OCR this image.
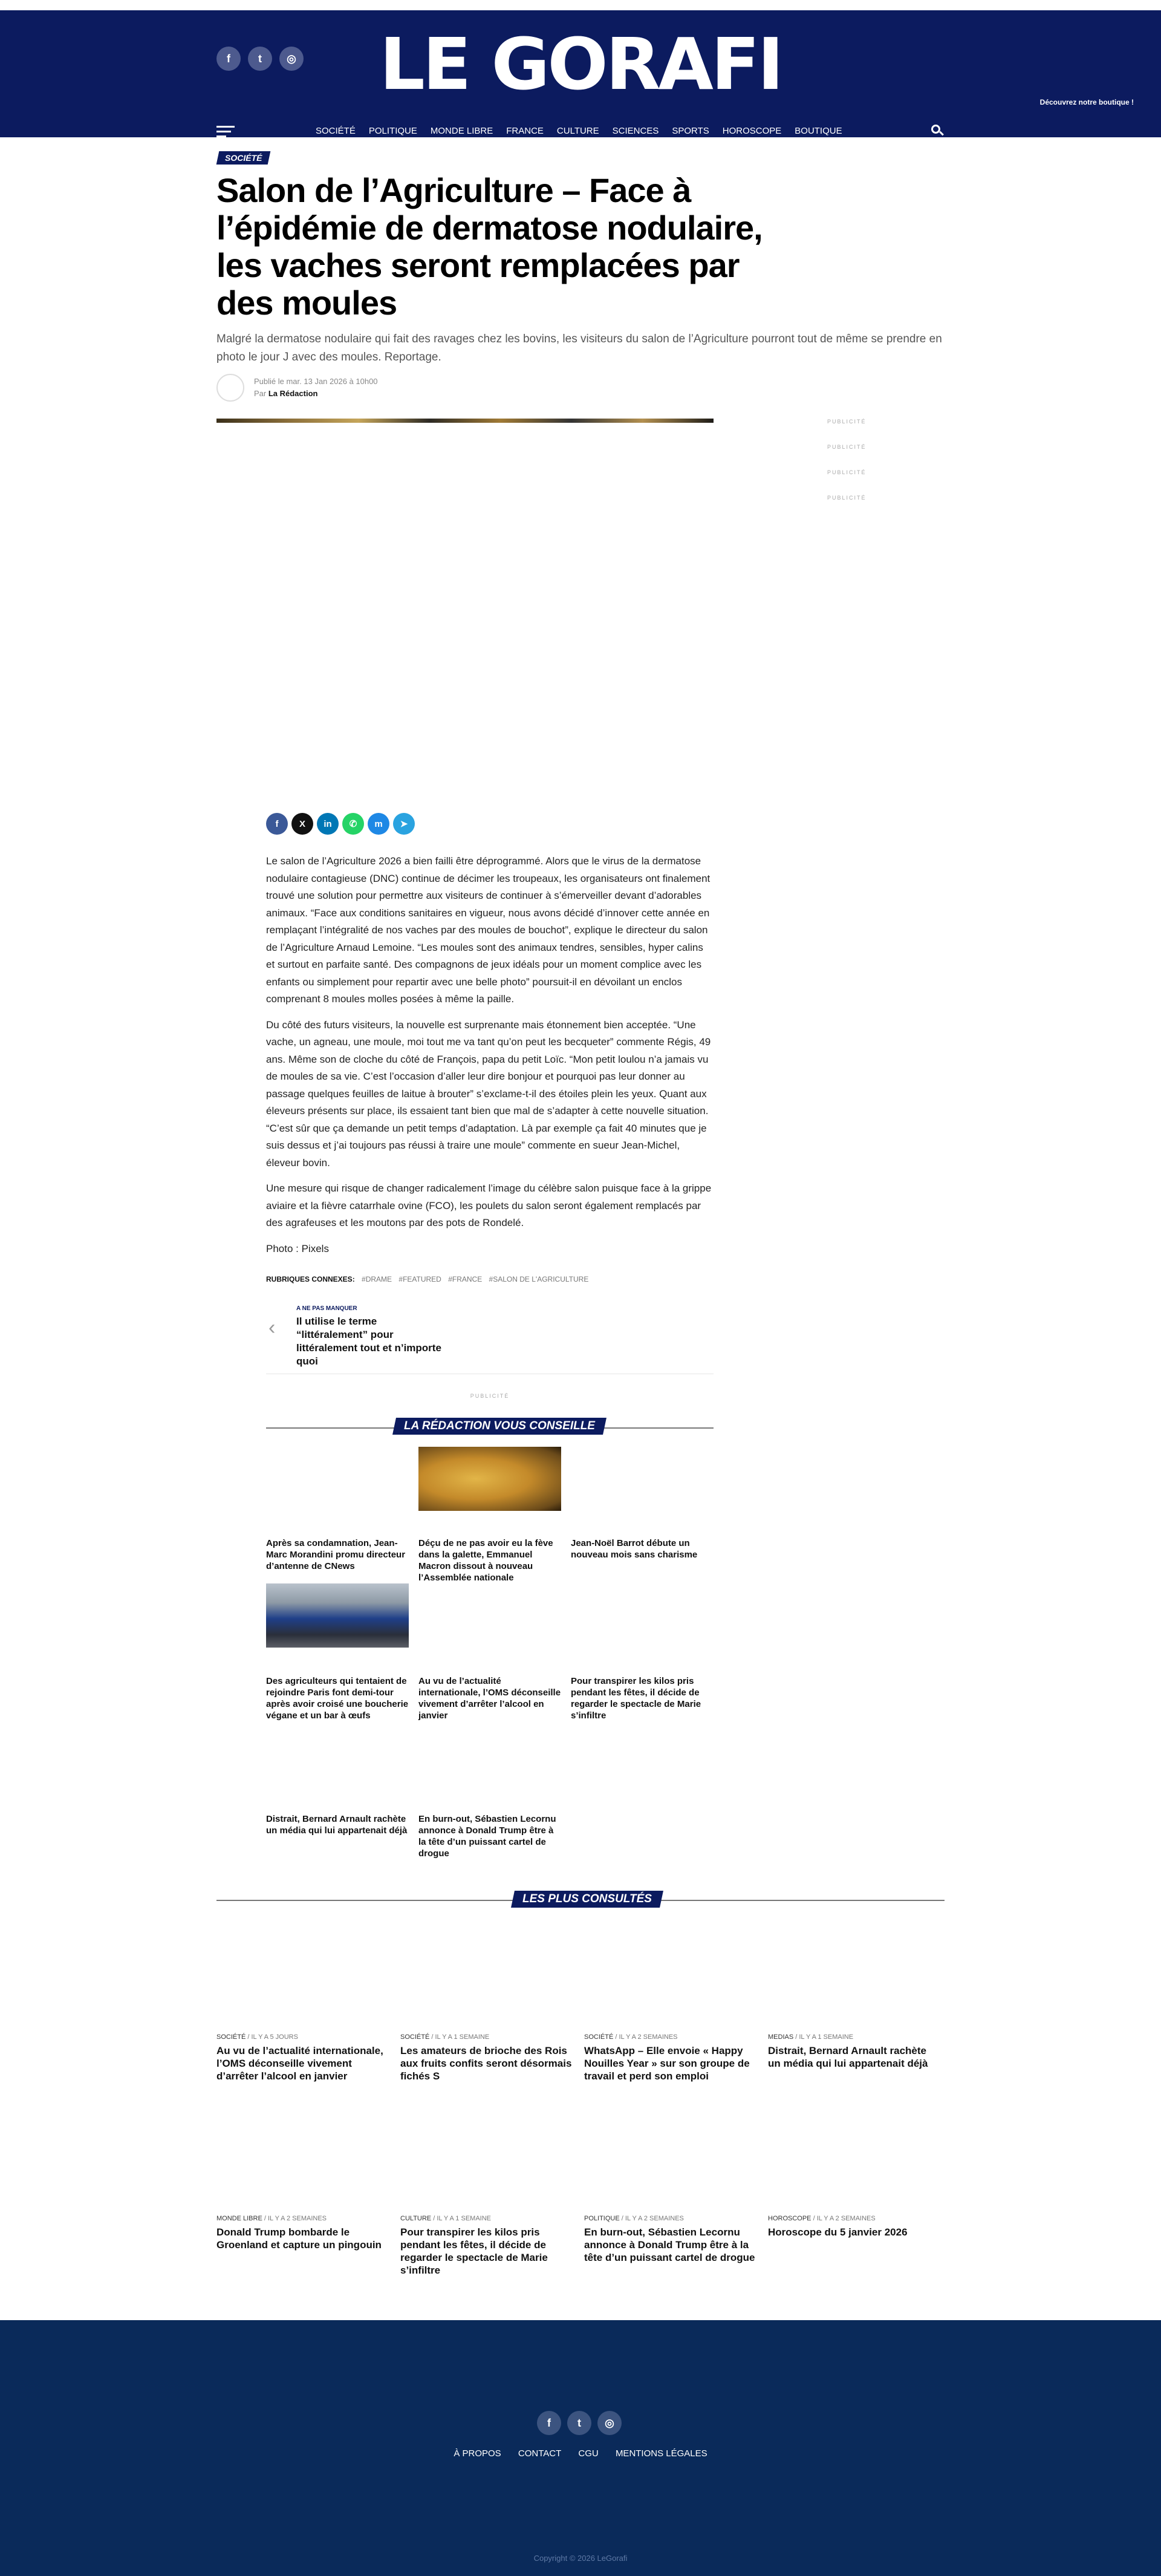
f	t	◎ LE GORAFI	Découvrez notre boutique !
SOCIÉTÉ POLITIQUE MONDE LIBRE FRANCE CULTURE SCIENCES SPORTS HOROSCOPE BOUTIQUE
SOCIÉTÉ
Salon de l’Agriculture – Face à l’épidémie de dermatose nodulaire, les vaches seront remplacées par des moules

Malgré la dermatose nodulaire qui fait des ravages chez les bovins, les visiteurs du salon de l’Agriculture pourront tout de même se prendre en photo le jour J avec des moules. Reportage.

Publié le mar. 13 Jan 2026 à 10h00
Par La Rédaction
PUBLICITÉ
PUBLICITÉ
PUBLICITÉ
PUBLICITÉ
f	X	in	✆	m	➤

Le salon de l’Agriculture 2026 a bien failli être déprogrammé. Alors que le virus de la dermatose nodulaire contagieuse (DNC) continue de décimer les troupeaux, les organisateurs ont finalement trouvé une solution pour permettre aux visiteurs de continuer à s’émerveiller devant d’adorables animaux. “Face aux conditions sanitaires en vigueur, nous avons décidé d’innover cette année en remplaçant l’intégralité de nos vaches par des moules de bouchot”, explique le directeur du salon de l’Agriculture Arnaud Lemoine. “Les moules sont des animaux tendres, sensibles, hyper calins et surtout en parfaite santé. Des compagnons de jeux idéals pour un moment complice avec les enfants ou simplement pour repartir avec une belle photo” poursuit-il en dévoilant un enclos comprenant 8 moules molles posées à même la paille.

Du côté des futurs visiteurs, la nouvelle est surprenante mais étonnement bien acceptée. “Une vache, un agneau, une moule, moi tout me va tant qu’on peut les becqueter” commente Régis, 49 ans. Même son de cloche du côté de François, papa du petit Loïc. “Mon petit loulou n’a jamais vu de moules de sa vie. C’est l’occasion d’aller leur dire bonjour et pourquoi pas leur donner au passage quelques feuilles de laitue à brouter” s’exclame-t-il des étoiles plein les yeux. Quant aux éleveurs présents sur place, ils essaient tant bien que mal de s’adapter à cette nouvelle situation. “C’est sûr que ça demande un petit temps d’adaptation. Là par exemple ça fait 40 minutes que je suis dessus et j’ai toujours pas réussi à traire une moule” commente en sueur Jean-Michel, éleveur bovin.

Une mesure qui risque de changer radicalement l’image du célèbre salon puisque face à la grippe aviaire et la fièvre catarrhale ovine (FCO), les poulets du salon seront également remplacés par des agrafeuses et les moutons par des pots de Rondelé.

Photo : Pixels

RUBRIQUES CONNEXES: #DRAME #FEATURED #FRANCE #SALON DE L'AGRICULTURE
‹
A NE PAS MANQUER
Il utilise le terme “littéralement” pour littéralement tout et n’importe quoi
PUBLICITÉ
LA RÉDACTION VOUS CONSEILLE
Après sa condamnation, Jean-Marc Morandini promu directeur d’antenne de CNews
Déçu de ne pas avoir eu la fève dans la galette, Emmanuel Macron dissout à nouveau l’Assemblée nationale
Jean-Noël Barrot débute un nouveau mois sans charisme
Des agriculteurs qui tentaient de rejoindre Paris font demi-tour après avoir croisé une boucherie végane et un bar à œufs
Au vu de l’actualité internationale, l’OMS déconseille vivement d’arrêter l’alcool en janvier
Pour transpirer les kilos pris pendant les fêtes, il décide de regarder le spectacle de Marie s’infiltre
Distrait, Bernard Arnault rachète un média qui lui appartenait déjà
En burn-out, Sébastien Lecornu annonce à Donald Trump être à la tête d’un puissant cartel de drogue
LES PLUS CONSULTÉS
SOCIÉTÉ / IL Y A 5 JOURS
Au vu de l’actualité internationale, l’OMS déconseille vivement d’arrêter l’alcool en janvier
SOCIÉTÉ / IL Y A 1 SEMAINE
Les amateurs de brioche des Rois aux fruits confits seront désormais fichés S
SOCIÉTÉ / IL Y A 2 SEMAINES
WhatsApp – Elle envoie « Happy Nouilles Year » sur son groupe de travail et perd son emploi
MEDIAS / IL Y A 1 SEMAINE
Distrait, Bernard Arnault rachète un média qui lui appartenait déjà
MONDE LIBRE / IL Y A 2 SEMAINES
Donald Trump bombarde le Groenland et capture un pingouin
CULTURE / IL Y A 1 SEMAINE
Pour transpirer les kilos pris pendant les fêtes, il décide de regarder le spectacle de Marie s’infiltre
POLITIQUE / IL Y A 2 SEMAINES
En burn-out, Sébastien Lecornu annonce à Donald Trump être à la tête d’un puissant cartel de drogue
HOROSCOPE / IL Y A 2 SEMAINES
Horoscope du 5 janvier 2026
f	t	◎
À PROPOS CONTACT CGU MENTIONS LÉGALES
Copyright © 2026 LeGorafi
